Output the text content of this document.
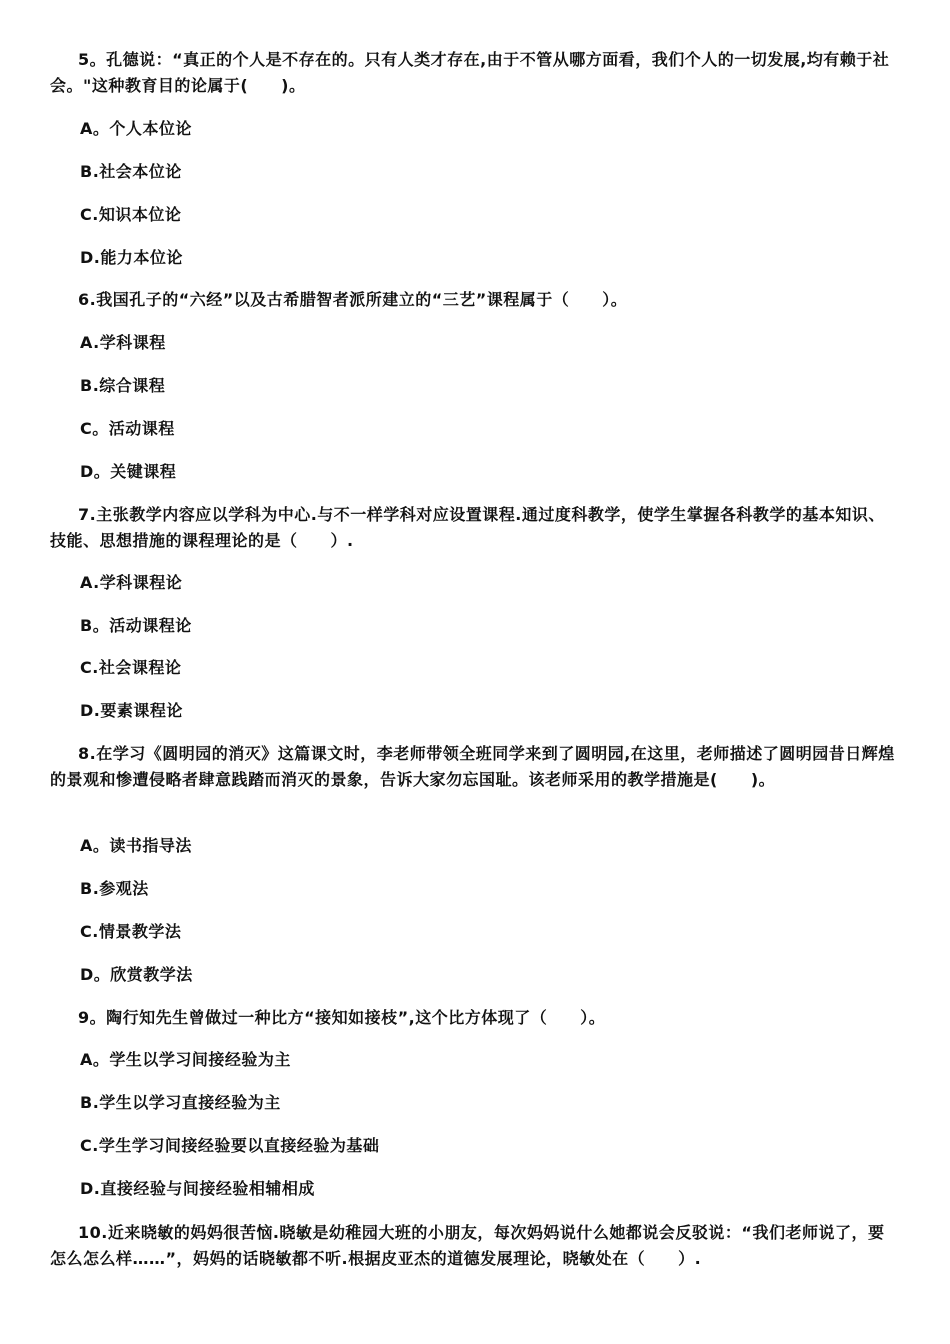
5。孔德说：“真正的个人是不存在的。只有人类才存在,由于不管从哪方面看，我们个人的一切发展,均有赖于社会。"这种教育目的论属于(　　)。

A。个人本位论

B.社会本位论

C.知识本位论

D.能力本位论

6.我国孔子的“六经”以及古希腊智者派所建立的“三艺”课程属于（　　）。

A.学科课程

B.综合课程

C。活动课程

D。关键课程

7.主张教学内容应以学科为中心.与不一样学科对应设置课程.通过度科教学，使学生掌握各科教学的基本知识、技能、思想措施的课程理论的是（　　）.

A.学科课程论

B。活动课程论

C.社会课程论

D.要素课程论

8.在学习《圆明园的消灭》这篇课文时，李老师带领全班同学来到了圆明园,在这里，老师描述了圆明园昔日辉煌的景观和惨遭侵略者肆意践踏而消灭的景象，告诉大家勿忘国耻。该老师采用的教学措施是(　　)。

A。读书指导法

B.参观法

C.情景教学法

D。欣赏教学法

9。陶行知先生曾做过一种比方“接知如接枝”,这个比方体现了（　　）。

A。学生以学习间接经验为主

B.学生以学习直接经验为主

C.学生学习间接经验要以直接经验为基础

D.直接经验与间接经验相辅相成

10.近来晓敏的妈妈很苦恼.晓敏是幼稚园大班的小朋友，每次妈妈说什么她都说会反驳说：“我们老师说了，要怎么怎么样……”，妈妈的话晓敏都不听.根据皮亚杰的道德发展理论，晓敏处在（　　）.
